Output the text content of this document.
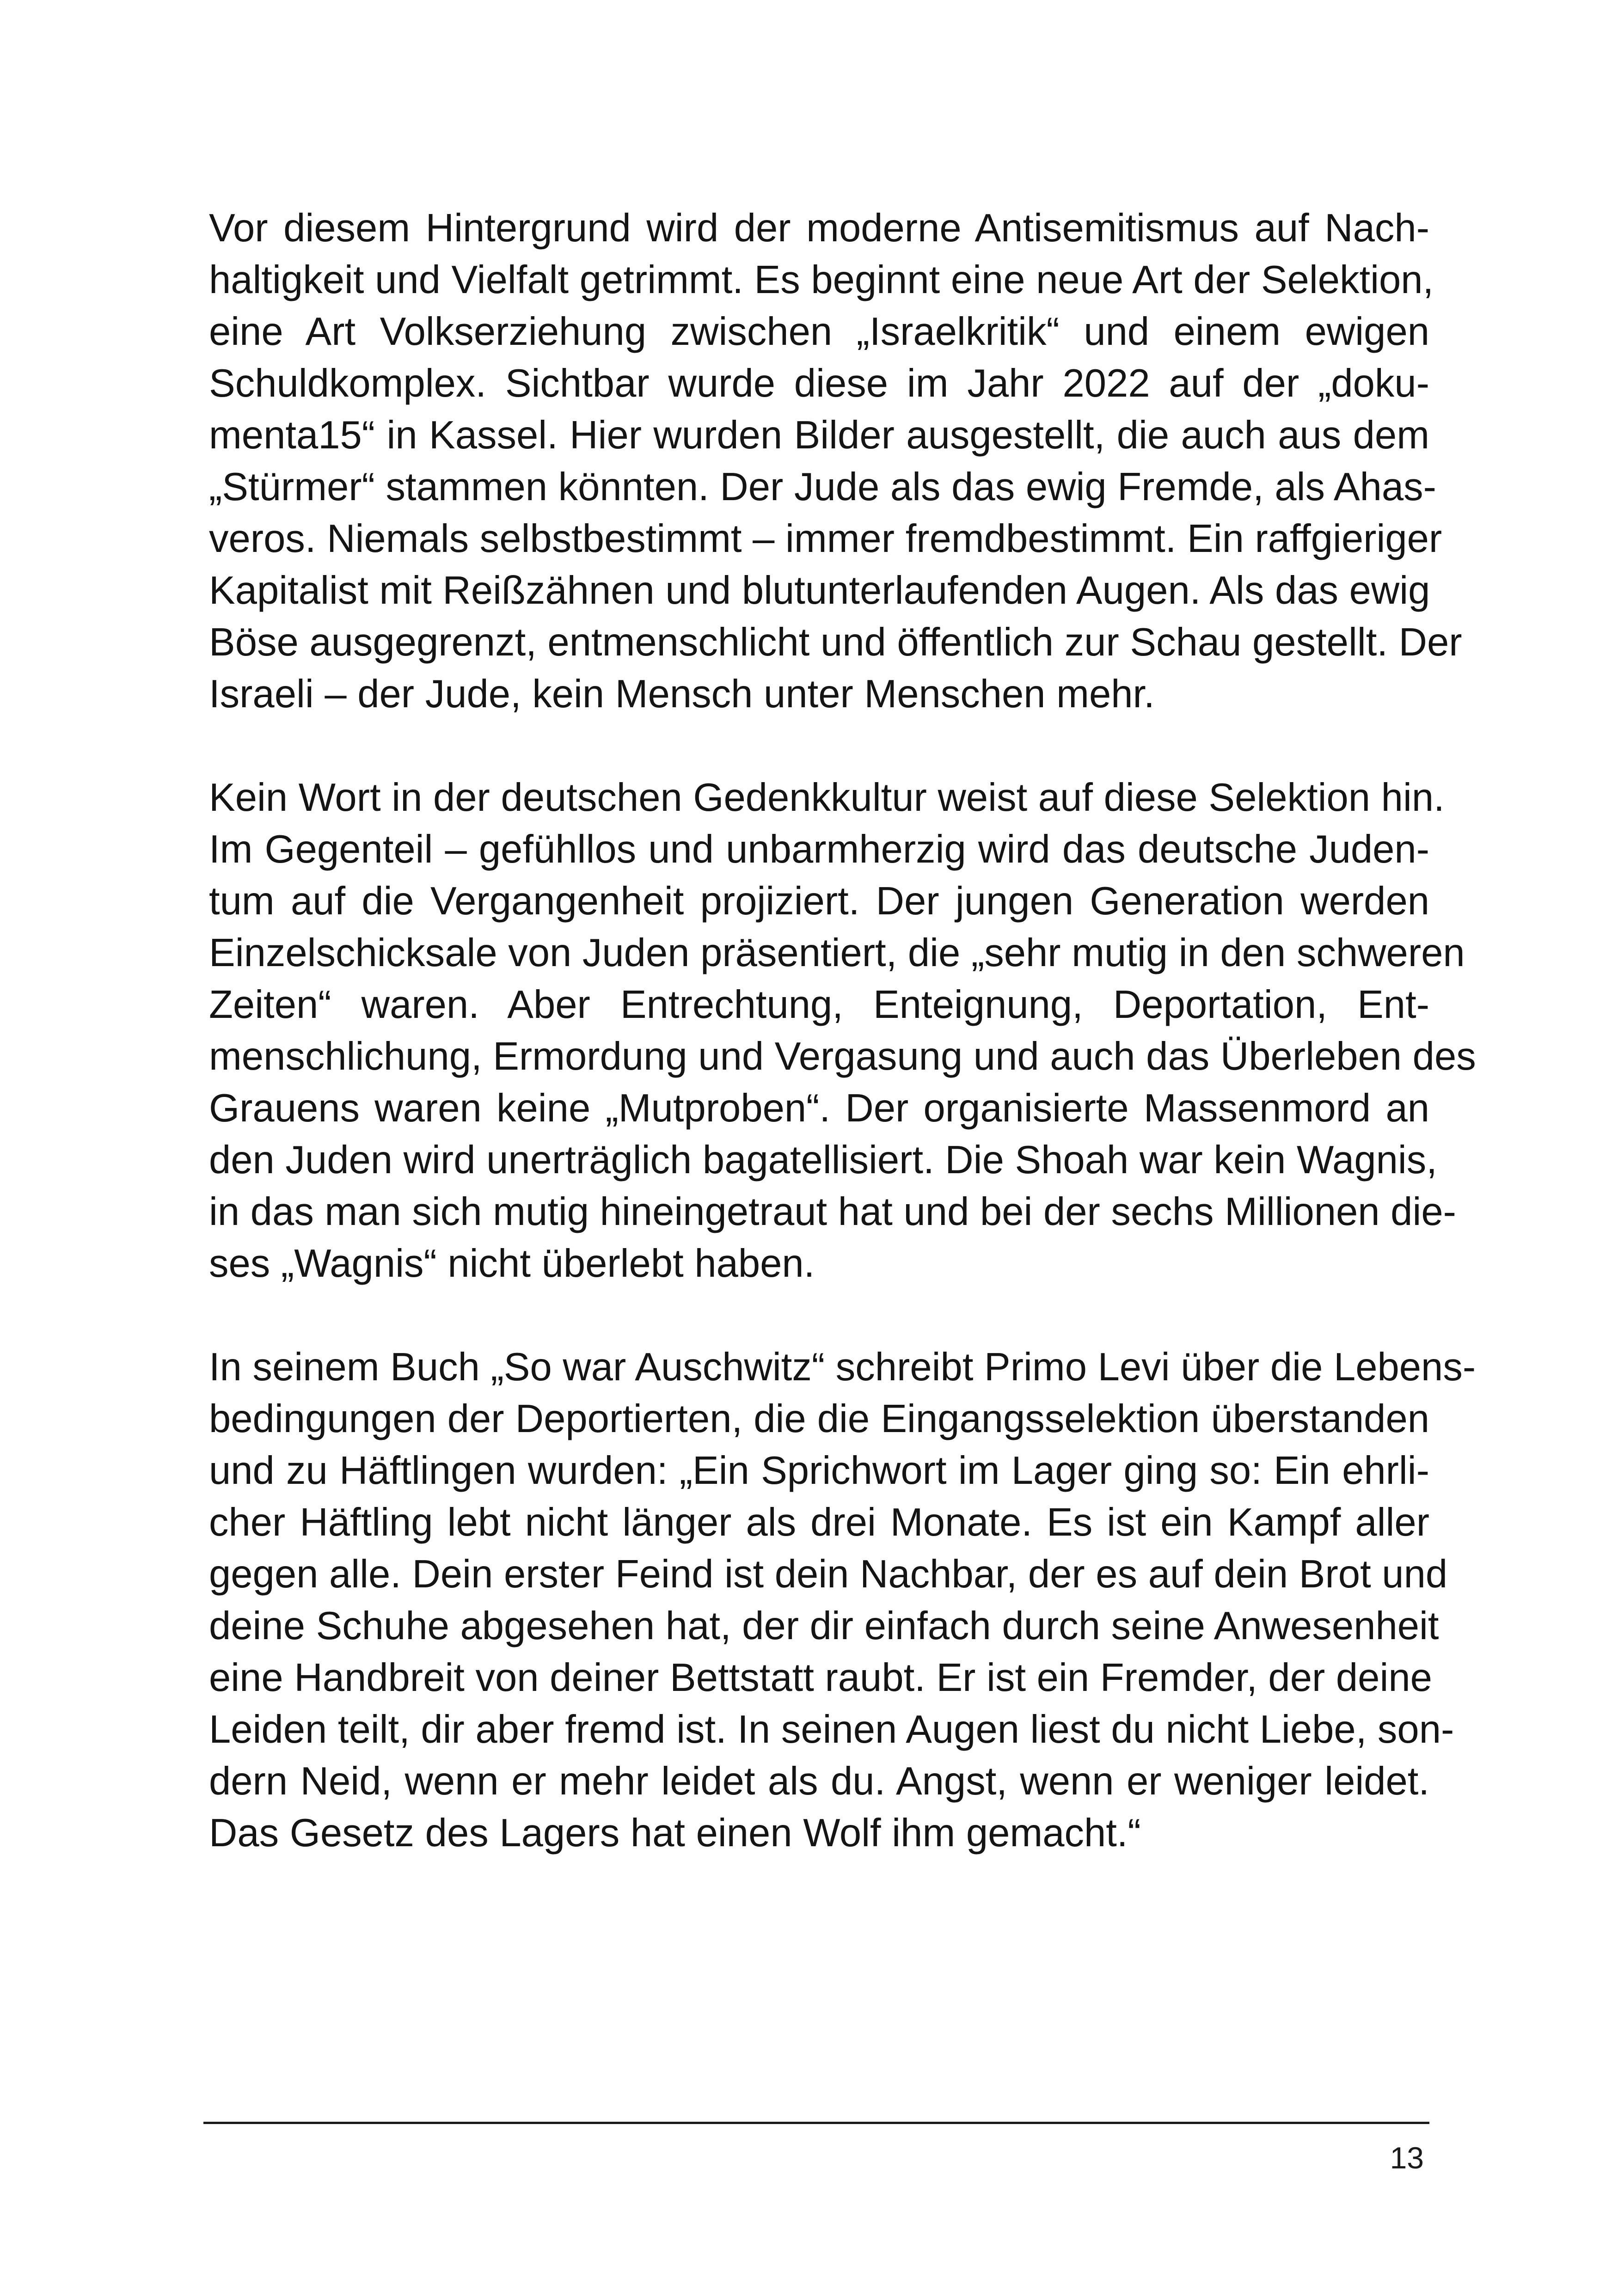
Vor diesem Hintergrund wird der moderne Antisemitismus auf Nach-
haltigkeit und Vielfalt getrimmt. Es beginnt eine neue Art der Selektion,
eine Art Volkserziehung zwischen „Israelkritik“ und einem ewigen
Schuldkomplex. Sichtbar wurde diese im Jahr 2022 auf der „doku-
menta15“ in Kassel. Hier wurden Bilder ausgestellt, die auch aus dem
„Stürmer“ stammen könnten. Der Jude als das ewig Fremde, als Ahas-
veros. Niemals selbstbestimmt – immer fremdbestimmt. Ein raffgieriger
Kapitalist mit Reißzähnen und blutunterlaufenden Augen. Als das ewig
Böse ausgegrenzt, entmenschlicht und öffentlich zur Schau gestellt. Der
Israeli – der Jude, kein Mensch unter Menschen mehr.
Kein Wort in der deutschen Gedenkkultur weist auf diese Selektion hin.
Im Gegenteil – gefühllos und unbarmherzig wird das deutsche Juden-
tum auf die Vergangenheit projiziert. Der jungen Generation werden
Einzelschicksale von Juden präsentiert, die „sehr mutig in den schweren
Zeiten“ waren. Aber Entrechtung, Enteignung, Deportation, Ent-
menschlichung, Ermordung und Vergasung und auch das Überleben des
Grauens waren keine „Mutproben“. Der organisierte Massenmord an
den Juden wird unerträglich bagatellisiert. Die Shoah war kein Wagnis,
in das man sich mutig hineingetraut hat und bei der sechs Millionen die-
ses „Wagnis“ nicht überlebt haben.
In seinem Buch „So war Auschwitz“ schreibt Primo Levi über die Lebens-
bedingungen der Deportierten, die die Eingangsselektion überstanden
und zu Häftlingen wurden: „Ein Sprichwort im Lager ging so: Ein ehrli-
cher Häftling lebt nicht länger als drei Monate. Es ist ein Kampf aller
gegen alle. Dein erster Feind ist dein Nachbar, der es auf dein Brot und
deine Schuhe abgesehen hat, der dir einfach durch seine Anwesenheit
eine Handbreit von deiner Bettstatt raubt. Er ist ein Fremder, der deine
Leiden teilt, dir aber fremd ist. In seinen Augen liest du nicht Liebe, son-
dern Neid, wenn er mehr leidet als du. Angst, wenn er weniger leidet.
Das Gesetz des Lagers hat einen Wolf ihm gemacht.“
13
